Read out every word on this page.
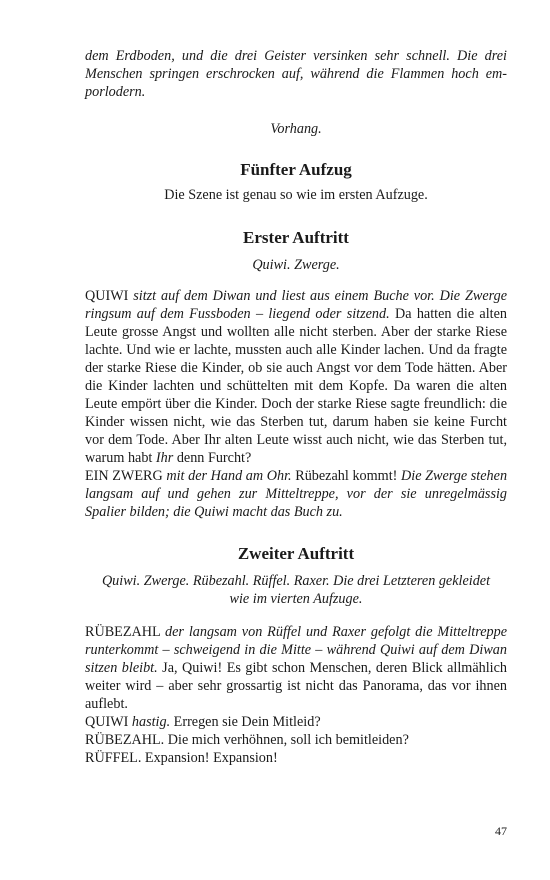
dem Erdboden, und die drei Geister versinken sehr schnell. Die drei
Menschen springen erschrocken auf, während die Flammen hoch em-
porlodern.
Vorhang.
Fünfter Aufzug
Die Szene ist genau so wie im ersten Aufzuge.
Erster Auftritt
Quiwi. Zwerge.

QUIWI sitzt auf dem Diwan und liest aus einem Buche vor. Die Zwerge ringsum auf dem Fussboden – liegend oder sitzend. Da hatten die alten Leute grosse Angst und wollten alle nicht sterben. Aber der starke Riese lachte. Und wie er lachte, mussten auch alle Kinder lachen. Und da fragte der starke Riese die Kinder, ob sie auch Angst vor dem Tode hätten. Aber die Kinder lachten und schüttelten mit dem Kopfe. Da waren die alten Leute empört über die Kinder. Doch der starke Riese sagte freundlich: die Kinder wissen nicht, wie das Sterben tut, darum haben sie keine Furcht vor dem Tode. Aber Ihr alten Leute wisst auch nicht, wie das Sterben tut, warum habt Ihr denn Furcht?

EIN ZWERG mit der Hand am Ohr. Rübezahl kommt! Die Zwerge stehen langsam auf und gehen zur Mitteltreppe, vor der sie unregelmässig Spalier bilden; die Quiwi macht das Buch zu.

Zweiter Auftritt
Quiwi. Zwerge. Rübezahl. Rüffel. Raxer. Die drei Letzteren gekleidet
wie im vierten Aufzuge.

RÜBEZAHL der langsam von Rüffel und Raxer gefolgt die Mitteltreppe runterkommt – schweigend in die Mitte – während Quiwi auf dem Diwan sitzen bleibt. Ja, Quiwi! Es gibt schon Menschen, deren Blick allmählich weiter wird – aber sehr grossartig ist nicht das Panorama, das vor ihnen auflebt.

QUIWI hastig. Erregen sie Dein Mitleid?

RÜBEZAHL. Die mich verhöhnen, soll ich bemitleiden?

RÜFFEL. Expansion! Expansion!

47
